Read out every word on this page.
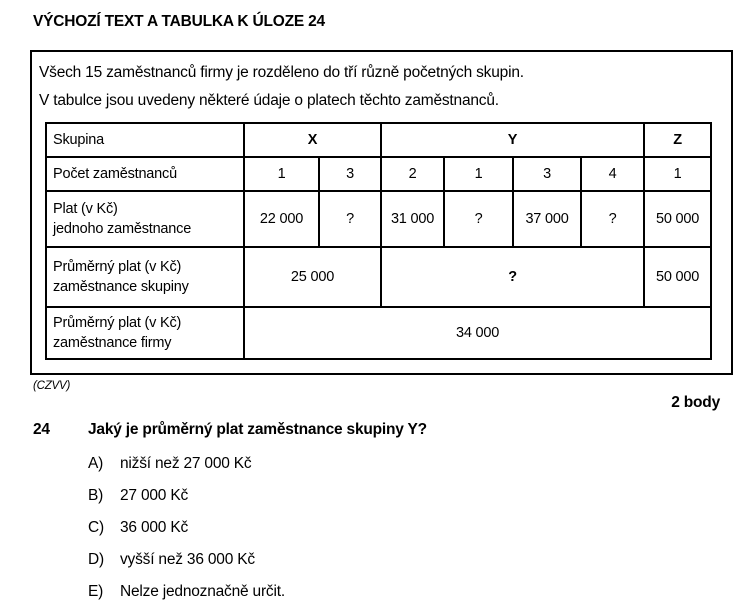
VÝCHOZÍ TEXT A TABULKA K ÚLOZE 24

Všech 15 zaměstnanců firmy je rozděleno do tří různě početných skupin.

V tabulce jsou uvedeny některé údaje o platech těchto zaměstnanců.

Skupina	X		Y				Z
Počet zaměstnanců	1	3	2	1	3	4	1

Plat (v Kč)
jednoho zaměstnance	22 000	?	31 000	?	37 000	?	50 000

Průměrný plat (v Kč)
zaměstnance skupiny	25 000		?				50 000

Průměrný plat (v Kč)
zaměstnance firmy	34 000						
(CZVV)
2 body
24	Jaký je průměrný plat zaměstnance skupiny Y?
A)	nižší než 27 000 Kč
B)	27 000 Kč
C)	36 000 Kč
D)	vyšší než 36 000 Kč
E)	Nelze jednoznačně určit.
